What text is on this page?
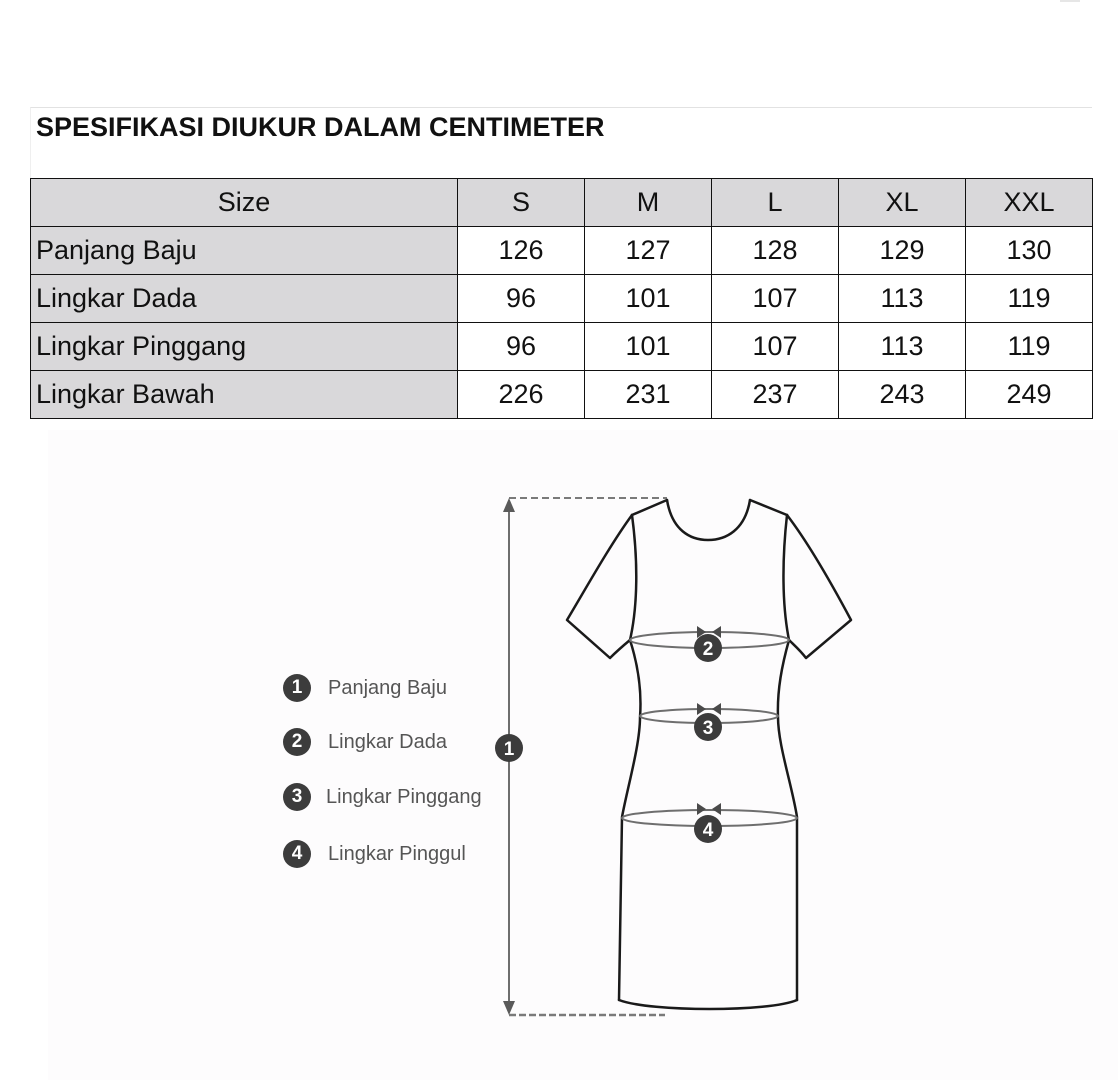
SPESIFIKASI DIUKUR DALAM CENTIMETER
Size	S	M	L	XL	XXL
Panjang Baju	126	127	128	129	130
Lingkar Dada	96	101	107	113	119
Lingkar Pinggang	96	101	107	113	119
Lingkar Bawah	226	231	237	243	249
1
2
3
4
1	Panjang Baju
2	Lingkar Dada
3	Lingkar Pinggang
4	Lingkar Pinggul
